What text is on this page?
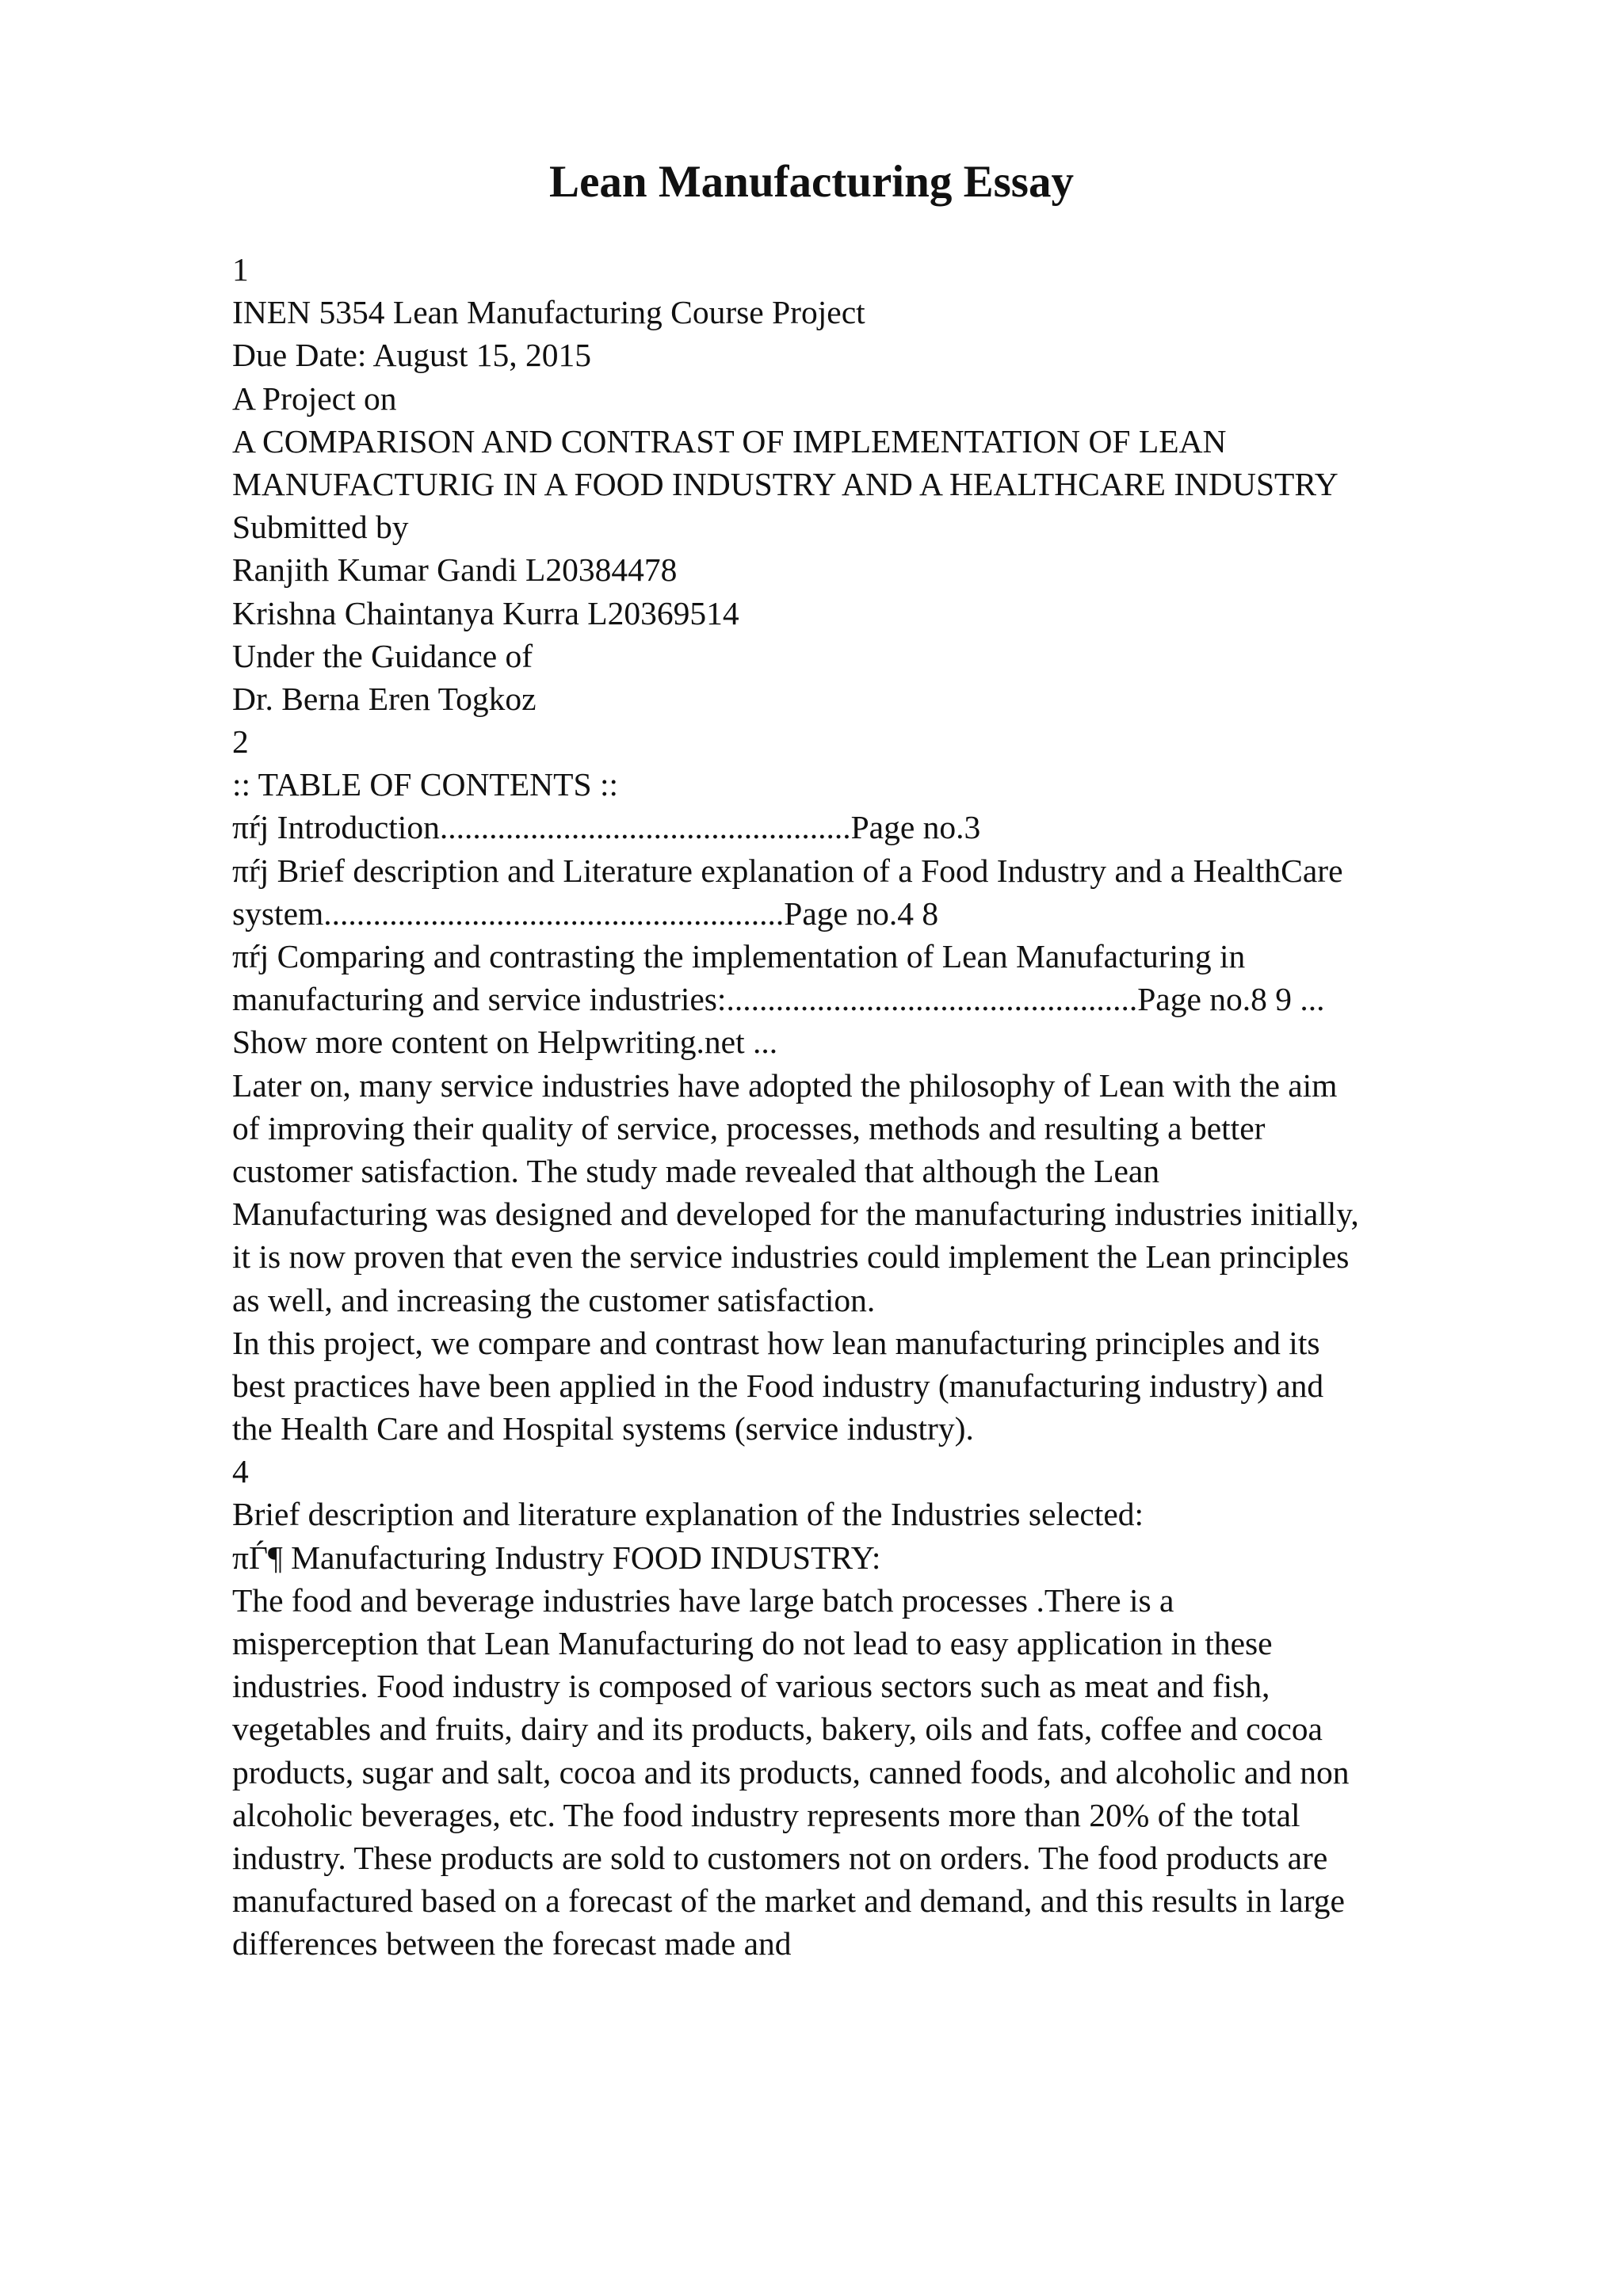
Lean Manufacturing Essay
1
INEN 5354 Lean Manufacturing Course Project
Due Date: August 15, 2015
A Project on
A COMPARISON AND CONTRAST OF IMPLEMENTATION OF LEAN
MANUFACTURIG IN A FOOD INDUSTRY AND A HEALTHCARE INDUSTRY
Submitted by
Ranjith Kumar Gandi L20384478
Krishna Chaintanya Kurra L20369514
Under the Guidance of
Dr. Berna Eren Togkoz
2
:: TABLE OF CONTENTS ::
πŕj Introduction..................................................Page no.3
πŕj Brief description and Literature explanation of a Food Industry and a HealthCare
system........................................................Page no.4 8
πŕj Comparing and contrasting the implementation of Lean Manufacturing in
manufacturing and service industries:..................................................Page no.8 9 ...
Show more content on Helpwriting.net ...
Later on, many service industries have adopted the philosophy of Lean with the aim
of improving their quality of service, processes, methods and resulting a better
customer satisfaction. The study made revealed that although the Lean
Manufacturing was designed and developed for the manufacturing industries initially,
it is now proven that even the service industries could implement the Lean principles
as well, and increasing the customer satisfaction.
In this project, we compare and contrast how lean manufacturing principles and its
best practices have been applied in the Food industry (manufacturing industry) and
the Health Care and Hospital systems (service industry).
4
Brief description and literature explanation of the Industries selected:
πЃ¶ Manufacturing Industry FOOD INDUSTRY:
The food and beverage industries have large batch processes .There is a
misperception that Lean Manufacturing do not lead to easy application in these
industries. Food industry is composed of various sectors such as meat and fish,
vegetables and fruits, dairy and its products, bakery, oils and fats, coffee and cocoa
products, sugar and salt, cocoa and its products, canned foods, and alcoholic and non
alcoholic beverages, etc. The food industry represents more than 20% of the total
industry. These products are sold to customers not on orders. The food products are
manufactured based on a forecast of the market and demand, and this results in large
differences between the forecast made and
